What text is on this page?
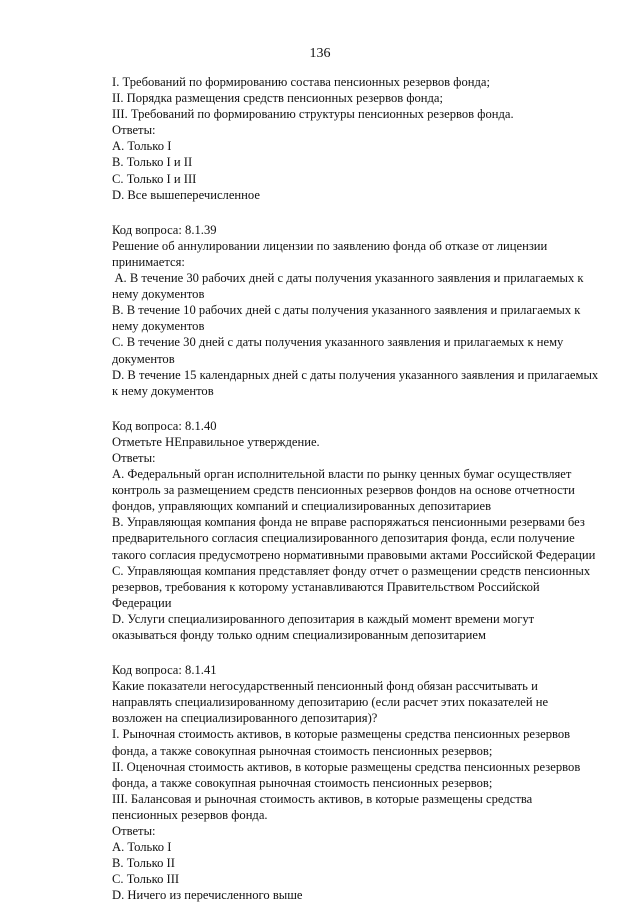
136
I. Требований по формированию состава пенсионных резервов фонда;
II. Порядка размещения средств пенсионных резервов фонда;
III. Требований по формированию структуры пенсионных резервов фонда.
Ответы:
A. Только I
B. Только I и II
C. Только I и III
D. Все вышеперечисленное
Код вопроса: 8.1.39
Решение об аннулировании лицензии по заявлению фонда об отказе от лицензии
принимается:
A. В течение 30 рабочих дней с даты получения указанного заявления и прилагаемых к
нему документов
B. В течение 10 рабочих дней с даты получения указанного заявления и прилагаемых к
нему документов
C. В течение 30 дней с даты получения указанного заявления и прилагаемых к нему
документов
D. В течение 15 календарных дней с даты получения указанного заявления и прилагаемых
к нему документов
Код вопроса: 8.1.40
Отметьте НЕправильное утверждение.
Ответы:
A. Федеральный орган исполнительной власти по рынку ценных бумаг осуществляет
контроль за размещением средств пенсионных резервов фондов на основе отчетности
фондов, управляющих компаний и специализированных депозитариев
B. Управляющая компания фонда не вправе распоряжаться пенсионными резервами без
предварительного согласия специализированного депозитария фонда, если получение
такого согласия предусмотрено нормативными правовыми актами Российской Федерации
C. Управляющая компания представляет фонду отчет о размещении средств пенсионных
резервов, требования к которому устанавливаются Правительством Российской
Федерации
D. Услуги специализированного депозитария в каждый момент времени могут
оказываться фонду только одним специализированным депозитарием
Код вопроса: 8.1.41
Какие показатели негосударственный пенсионный фонд обязан рассчитывать и
направлять специализированному депозитарию (если расчет этих показателей не
возложен на специализированного депозитария)?
I. Рыночная стоимость активов, в которые размещены средства пенсионных резервов
фонда, а также совокупная рыночная стоимость пенсионных резервов;
II. Оценочная стоимость активов, в которые размещены средства пенсионных резервов
фонда, а также совокупная рыночная стоимость пенсионных резервов;
III. Балансовая и рыночная стоимость активов, в которые размещены средства
пенсионных резервов фонда.
Ответы:
A. Только I
B. Только II
C. Только III
D. Ничего из перечисленного выше
